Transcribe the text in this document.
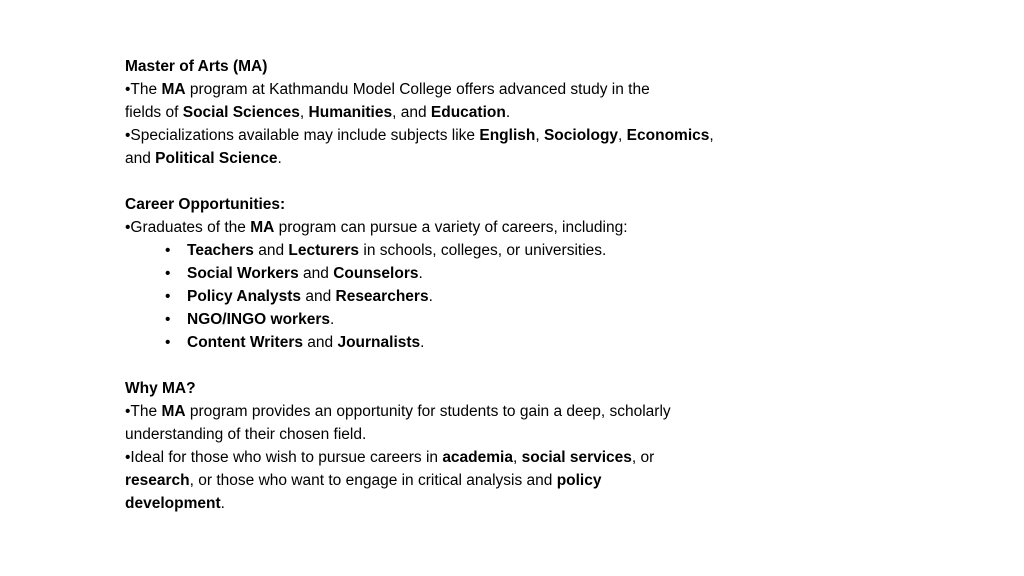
Master of Arts (MA)
•The MA program at Kathmandu Model College offers advanced study in the
fields of Social Sciences, Humanities, and Education.
•Specializations available may include subjects like English, Sociology, Economics,
and Political Science.
Career Opportunities:
•Graduates of the MA program can pursue a variety of careers, including:
• Teachers and Lecturers in schools, colleges, or universities.
• Social Workers and Counselors.
• Policy Analysts and Researchers.
• NGO/INGO workers.
• Content Writers and Journalists.
Why MA?
•The MA program provides an opportunity for students to gain a deep, scholarly
understanding of their chosen field.
•Ideal for those who wish to pursue careers in academia, social services, or
research, or those who want to engage in critical analysis and policy
development.
